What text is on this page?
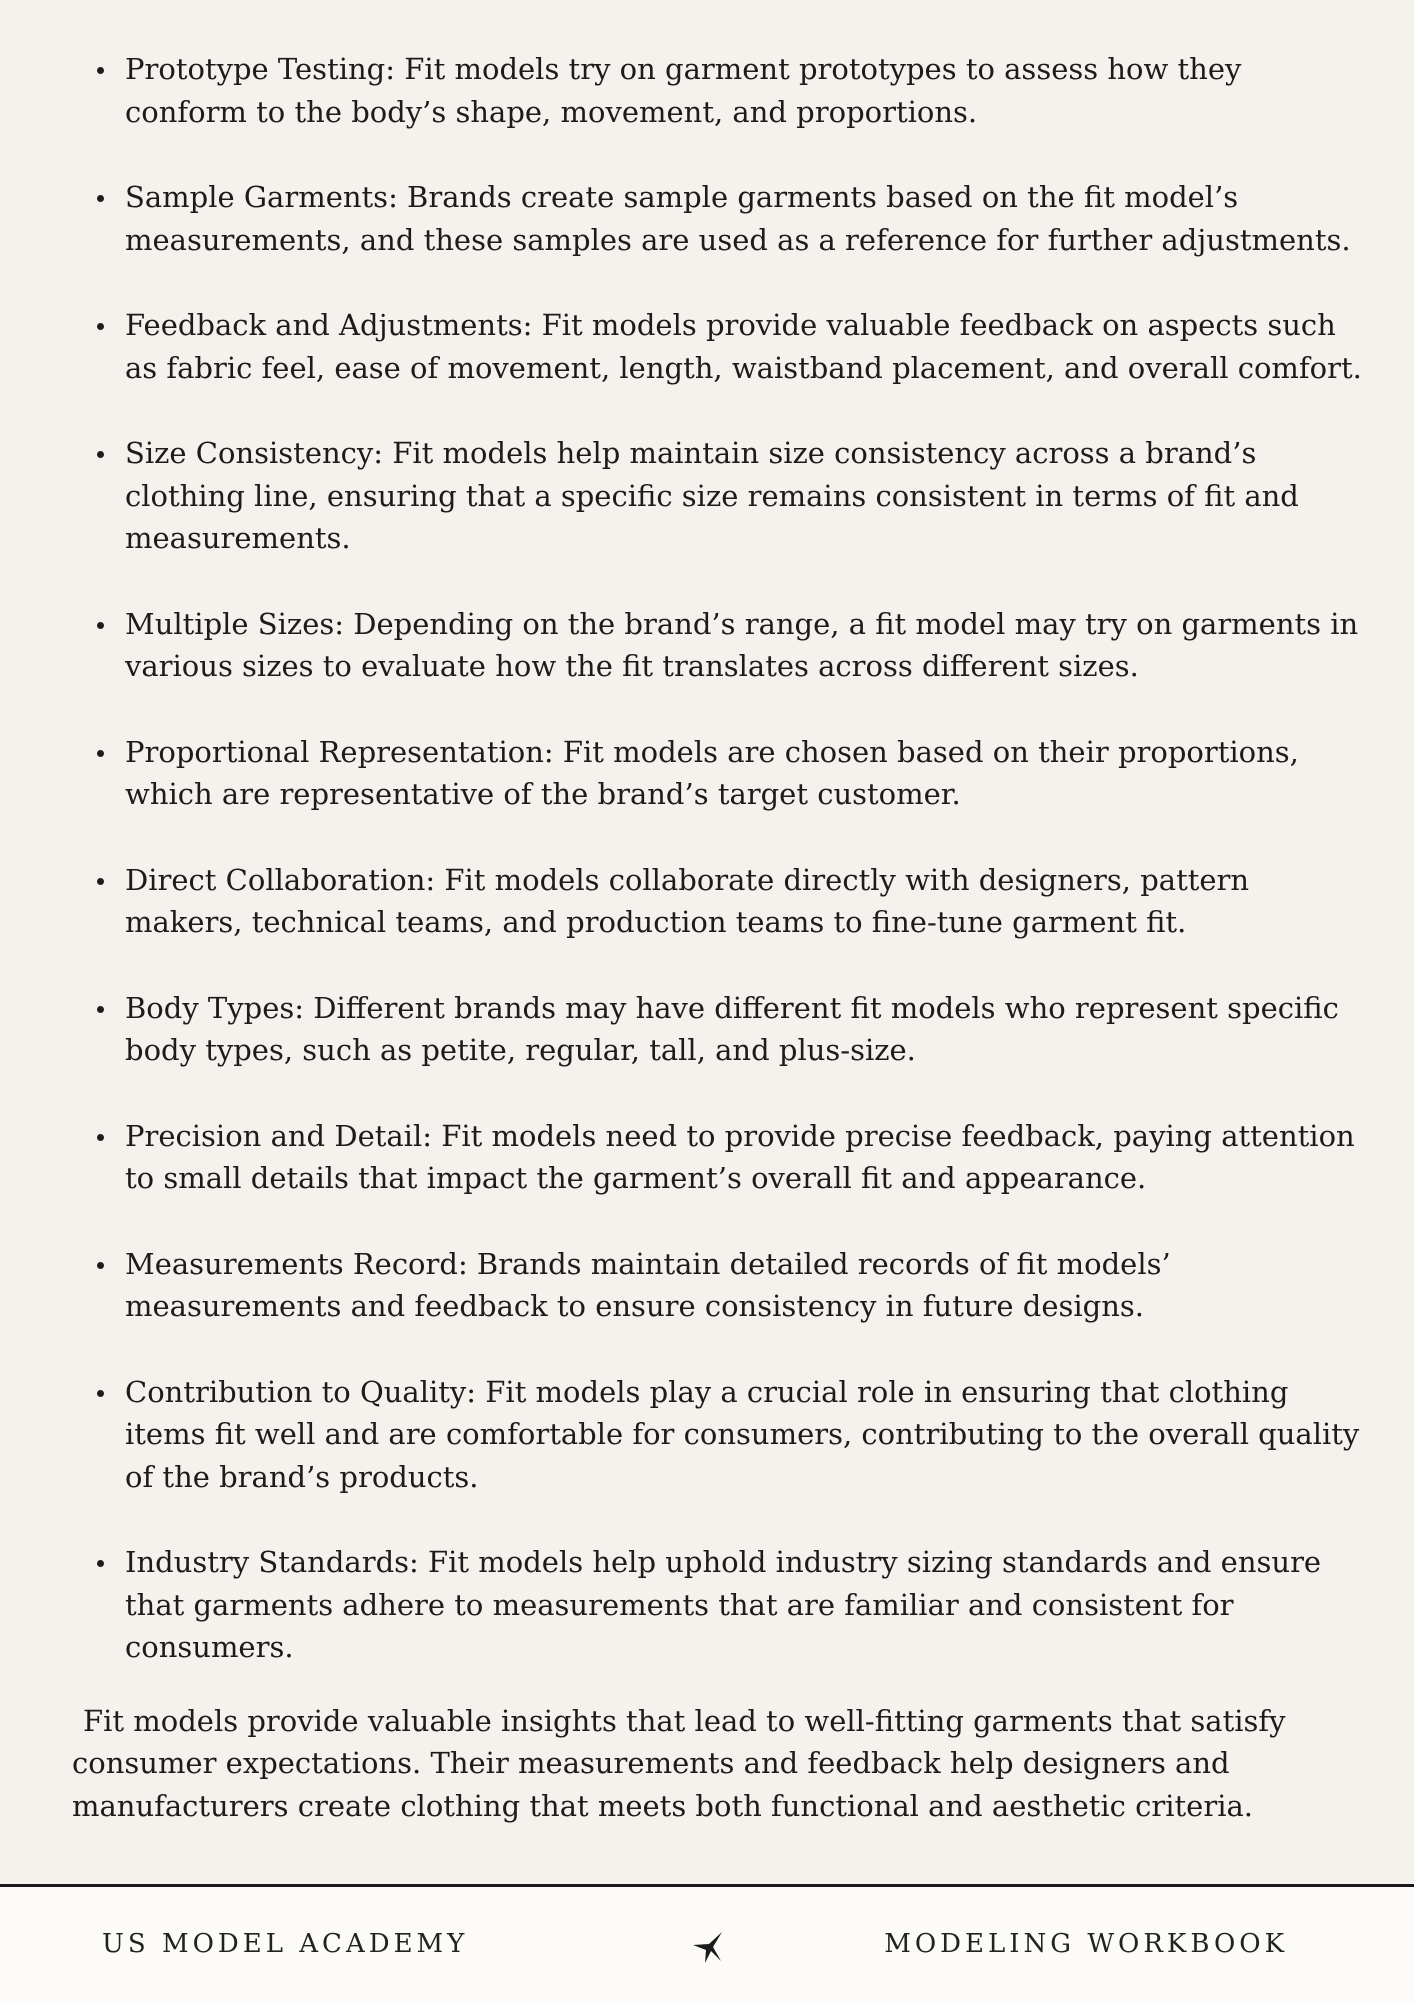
Prototype Testing: Fit models try on garment prototypes to assess how they conform to the body’s shape, movement, and proportions.
Sample Garments: Brands create sample garments based on the fit model’s measurements, and these samples are used as a reference for further adjustments.
Feedback and Adjustments: Fit models provide valuable feedback on aspects such as fabric feel, ease of movement, length, waistband placement, and overall comfort.
Size Consistency: Fit models help maintain size consistency across a brand’s clothing line, ensuring that a specific size remains consistent in terms of fit and measurements.
Multiple Sizes: Depending on the brand’s range, a fit model may try on garments in various sizes to evaluate how the fit translates across different sizes.
Proportional Representation: Fit models are chosen based on their proportions, which are representative of the brand’s target customer.
Direct Collaboration: Fit models collaborate directly with designers, pattern makers, technical teams, and production teams to fine-tune garment fit.
Body Types: Different brands may have different fit models who represent specific body types, such as petite, regular, tall, and plus-size.
Precision and Detail: Fit models need to provide precise feedback, paying attention to small details that impact the garment’s overall fit and appearance.
Measurements Record: Brands maintain detailed records of fit models’ measurements and feedback to ensure consistency in future designs.
Contribution to Quality: Fit models play a crucial role in ensuring that clothing items fit well and are comfortable for consumers, contributing to the overall quality of the brand’s products.
Industry Standards: Fit models help uphold industry sizing standards and ensure that garments adhere to measurements that are familiar and consistent for consumers.

Fit models provide valuable insights that lead to well-fitting garments that satisfy consumer expectations. Their measurements and feedback help designers and manufacturers create clothing that meets both functional and aesthetic criteria.

US MODEL ACADEMY	MODELING WORKBOOK
